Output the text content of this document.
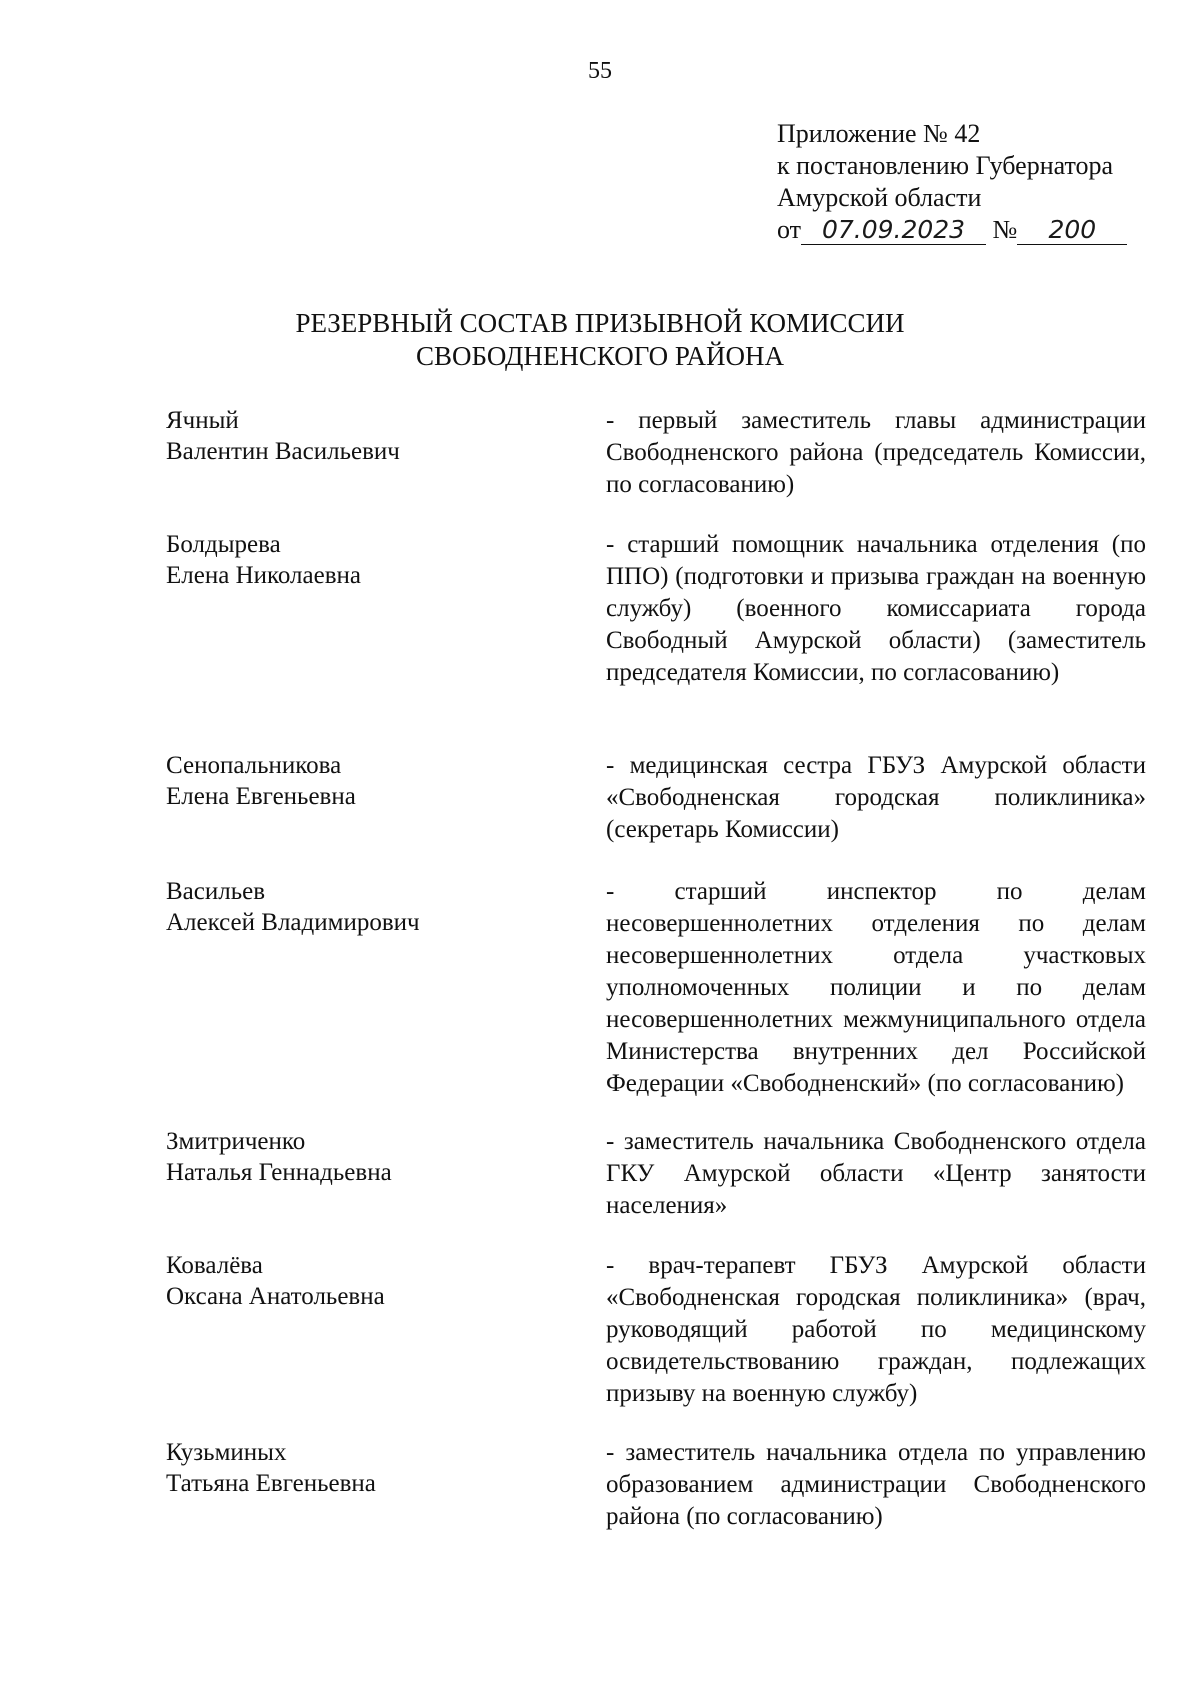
55
Приложение № 42
к постановлению Губернатора
Амурской области
от 07.09.2023 № 200
РЕЗЕРВНЫЙ СОСТАВ ПРИЗЫВНОЙ КОМИССИИ
СВОБОДНЕНСКОГО РАЙОНА
Ячный
Валентин Васильевич
- первый заместитель главы администрации Свободненского района (председатель Комиссии, по согласованию)
Болдырева
Елена Николаевна
- старший помощник начальника отделения (по ППО) (подготовки и призыва граждан на военную службу) (военного комиссариата города Свободный Амурской области) (заместитель председателя Комиссии, по согласованию)
Сенопальникова
Елена Евгеньевна
- медицинская сестра ГБУЗ Амурской области «Свободненская городская поликлиника» (секретарь Комиссии)
Васильев
Алексей Владимирович
- старший инспектор по делам несовершеннолетних отделения по делам несовершеннолетних отдела участковых уполномоченных полиции и по делам несовершеннолетних межмуниципального отдела Министерства внутренних дел Российской Федерации «Свободненский» (по согласованию)
Змитриченко
Наталья Геннадьевна
- заместитель начальника Свободненского отдела ГКУ Амурской области «Центр занятости населения»
Ковалёва
Оксана Анатольевна
- врач-терапевт ГБУЗ Амурской области «Свободненская городская поликлиника» (врач, руководящий работой по медицинскому освидетельствованию граждан, подлежащих призыву на военную службу)
Кузьминых
Татьяна Евгеньевна
- заместитель начальника отдела по управлению образованием администрации Свободненского района (по согласованию)
